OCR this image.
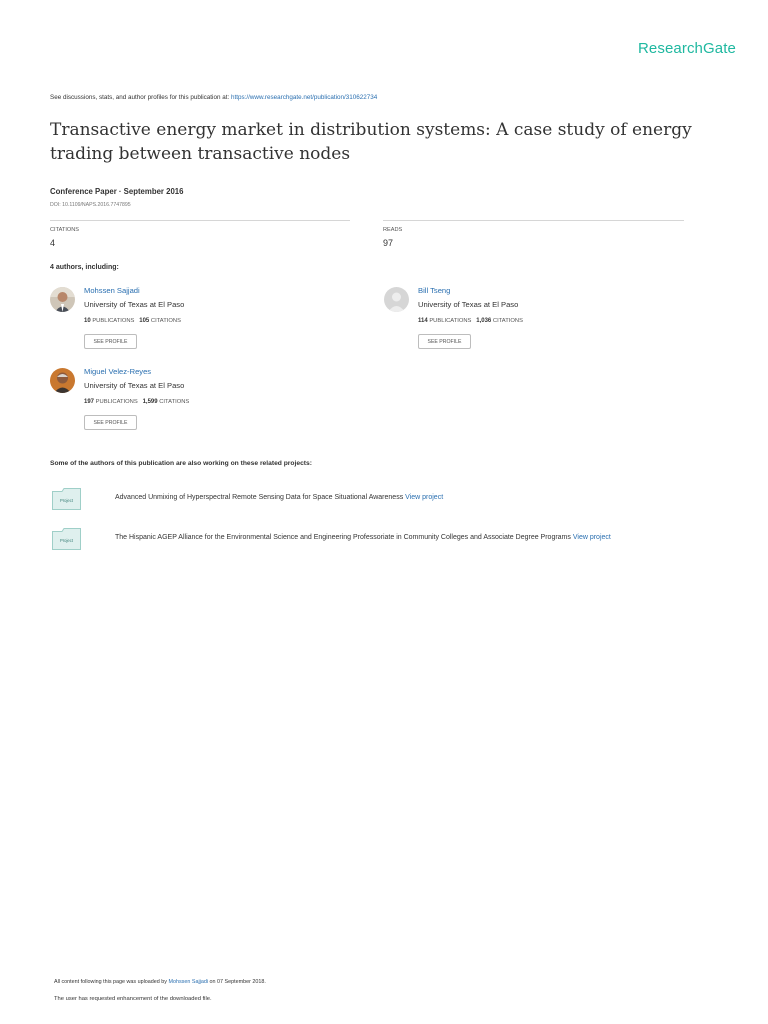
ResearchGate
See discussions, stats, and author profiles for this publication at: https://www.researchgate.net/publication/310622734
Transactive energy market in distribution systems: A case study of energy trading between transactive nodes
Conference Paper · September 2016
DOI: 10.1109/NAPS.2016.7747895
CITATIONS
4
READS
97
4 authors, including:
Mohssen Sajjadi
University of Texas at El Paso
10 PUBLICATIONS 105 CITATIONS
SEE PROFILE
Bill Tseng
University of Texas at El Paso
114 PUBLICATIONS 1,036 CITATIONS
SEE PROFILE
Miguel Velez-Reyes
University of Texas at El Paso
197 PUBLICATIONS 1,599 CITATIONS
SEE PROFILE
Some of the authors of this publication are also working on these related projects:
Project	Advanced Unmixing of Hyperspectral Remote Sensing Data for Space Situational Awareness View project
Project	The Hispanic AGEP Alliance for the Environmental Science and Engineering Professoriate in Community Colleges and Associate Degree Programs View project
All content following this page was uploaded by Mohssen Sajjadi on 07 September 2018.
The user has requested enhancement of the downloaded file.
